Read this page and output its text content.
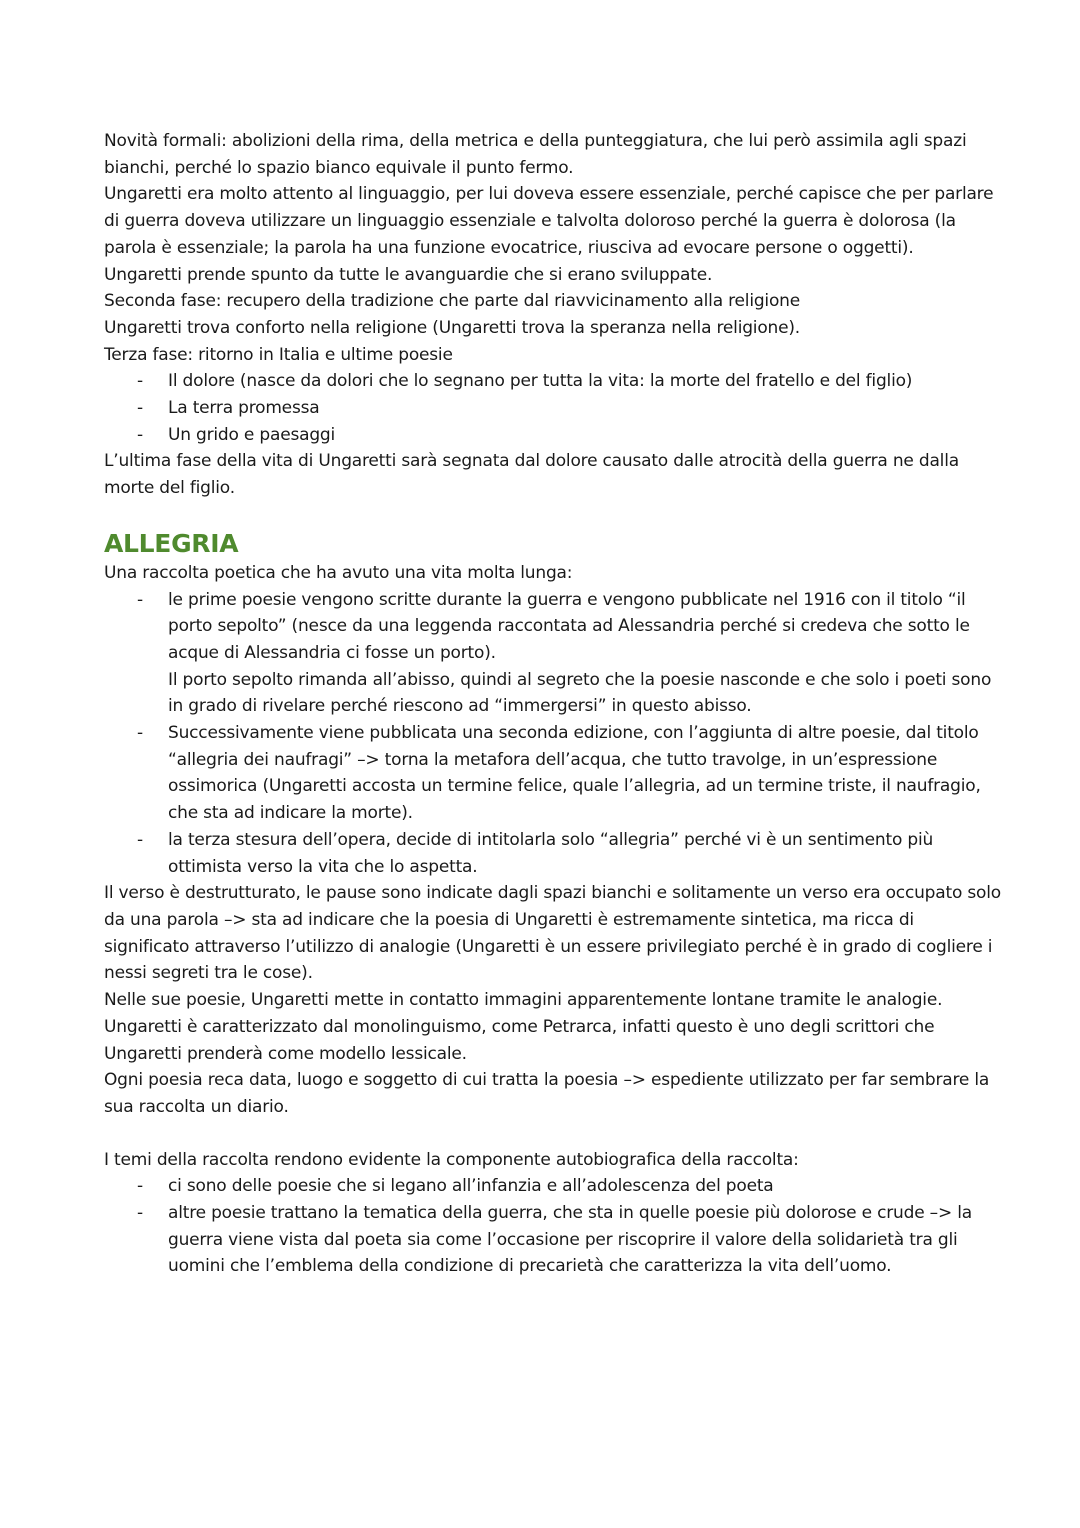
Novità formali: abolizioni della rima, della metrica e della punteggiatura, che lui però assimila agli spazi bianchi, perché lo spazio bianco equivale il punto fermo.

Ungaretti era molto attento al linguaggio, per lui doveva essere essenziale, perché capisce che per parlare di guerra doveva utilizzare un linguaggio essenziale e talvolta doloroso perché la guerra è dolorosa (la parola è essenziale; la parola ha una funzione evocatrice, riusciva ad evocare persone o oggetti).

Ungaretti prende spunto da tutte le avanguardie che si erano sviluppate.

Seconda fase: recupero della tradizione che parte dal riavvicinamento alla religione

Ungaretti trova conforto nella religione (Ungaretti trova la speranza nella religione).

Terza fase: ritorno in Italia e ultime poesie

- Il dolore (nasce da dolori che lo segnano per tutta la vita: la morte del fratello e del figlio)
- La terra promessa
- Un grido e paesaggi

L’ultima fase della vita di Ungaretti sarà segnata dal dolore causato dalle atrocità della guerra ne dalla morte del figlio.

ALLEGRIA

Una raccolta poetica che ha avuto una vita molta lunga:

- le prime poesie vengono scritte durante la guerra e vengono pubblicate nel 1916 con il titolo “il porto sepolto” (nesce da una leggenda raccontata ad Alessandria perché si credeva che sotto le acque di Alessandria ci fosse un porto).
Il porto sepolto rimanda all’abisso, quindi al segreto che la poesie nasconde e che solo i poeti sono in grado di rivelare perché riescono ad “immergersi” in questo abisso.
- Successivamente viene pubblicata una seconda edizione, con l’aggiunta di altre poesie, dal titolo “allegria dei naufragi” –> torna la metafora dell’acqua, che tutto travolge, in un’espressione ossimorica (Ungaretti accosta un termine felice, quale l’allegria, ad un termine triste, il naufragio, che sta ad indicare la morte).
- la terza stesura dell’opera, decide di intitolarla solo “allegria” perché vi è un sentimento più ottimista verso la vita che lo aspetta.

Il verso è destrutturato, le pause sono indicate dagli spazi bianchi e solitamente un verso era occupato solo da una parola –> sta ad indicare che la poesia di Ungaretti è estremamente sintetica, ma ricca di significato attraverso l’utilizzo di analogie (Ungaretti è un essere privilegiato perché è in grado di cogliere i nessi segreti tra le cose).

Nelle sue poesie, Ungaretti mette in contatto immagini apparentemente lontane tramite le analogie.

Ungaretti è caratterizzato dal monolinguismo, come Petrarca, infatti questo è uno degli scrittori che Ungaretti prenderà come modello lessicale.

Ogni poesia reca data, luogo e soggetto di cui tratta la poesia –> espediente utilizzato per far sembrare la sua raccolta un diario.

I temi della raccolta rendono evidente la componente autobiografica della raccolta:

- ci sono delle poesie che si legano all’infanzia e all’adolescenza del poeta
- altre poesie trattano la tematica della guerra, che sta in quelle poesie più dolorose e crude –> la guerra viene vista dal poeta sia come l’occasione per riscoprire il valore della solidarietà tra gli uomini che l’emblema della condizione di precarietà che caratterizza la vita dell’uomo.
